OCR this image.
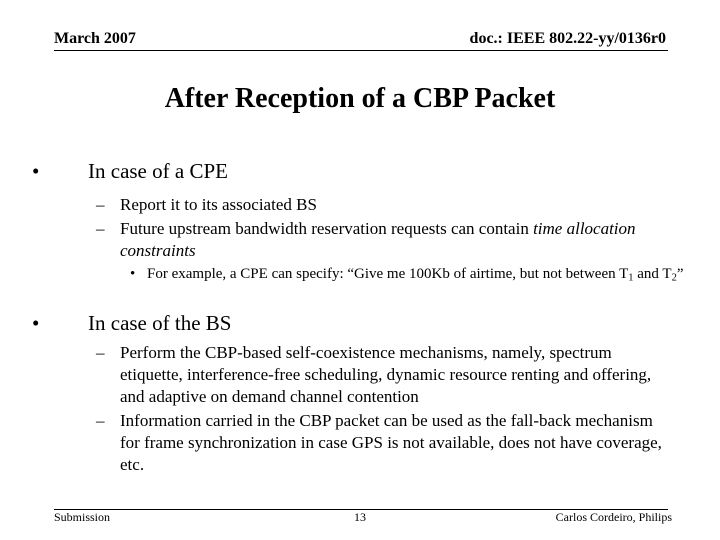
March 2007	doc.: IEEE 802.22-yy/0136r0
After Reception of a CBP Packet
• In case of a CPE
– Report it to its associated BS
– Future upstream bandwidth reservation requests can contain time allocation constraints
• For example, a CPE can specify: “Give me 100Kb of airtime, but not between $T_1$ and $T_2$”
• In case of the BS
– Perform the CBP-based self-coexistence mechanisms, namely, spectrum etiquette, interference-free scheduling, dynamic resource renting and offering, and adaptive on demand channel contention
– Information carried in the CBP packet can be used as the fall-back mechanism for frame synchronization in case GPS is not available, does not have coverage, etc.
Submission	13	Carlos Cordeiro, Philips
